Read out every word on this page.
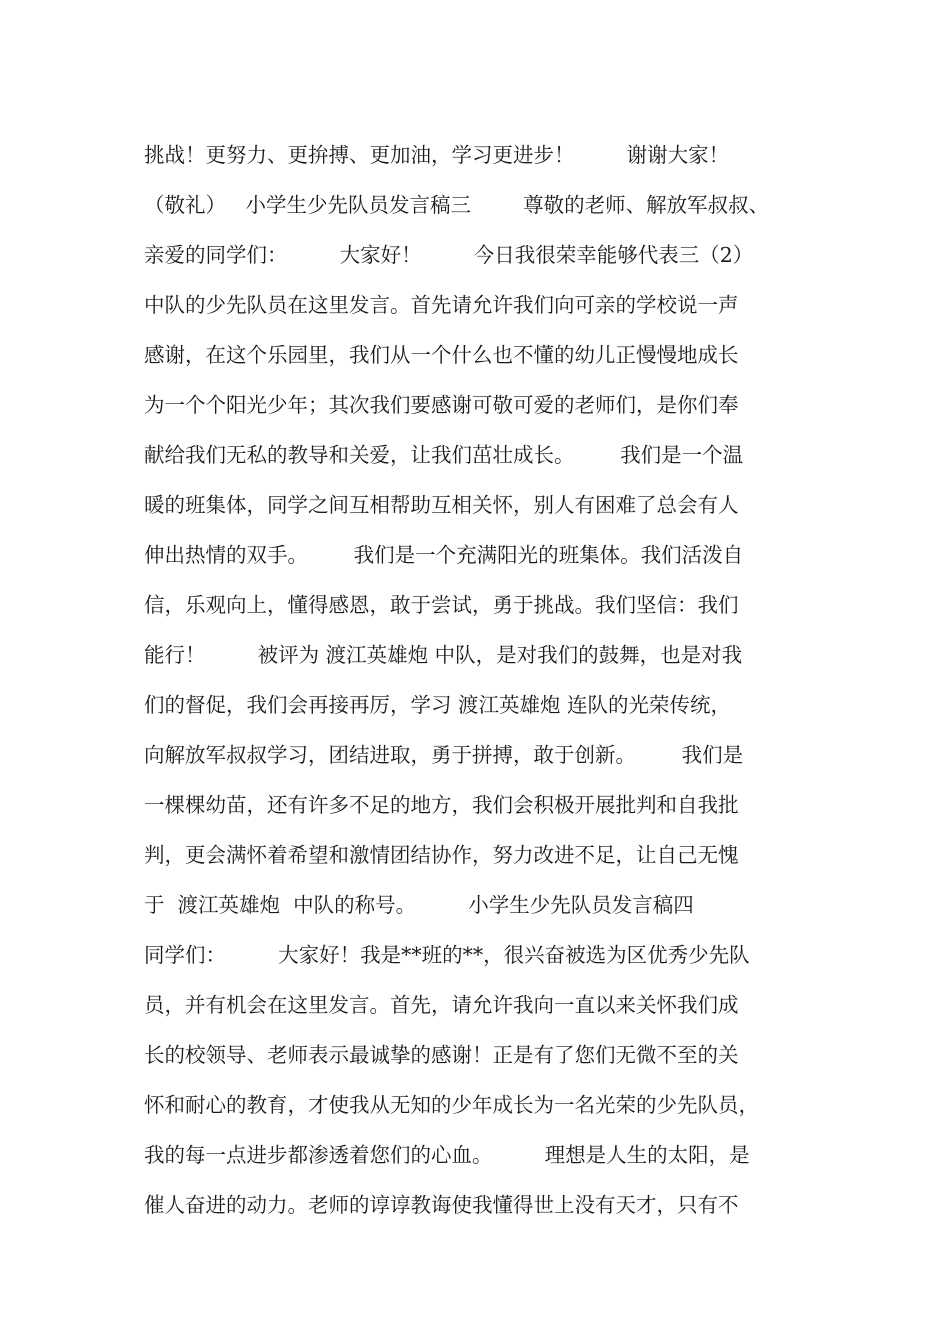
挑战！更努力、更拚搏、更加油，学习更进步！        谢谢大家！
（敬礼）   小学生少先队员发言稿三        尊敬的老师、解放军叔叔、
亲爱的同学们：        大家好！        今日我很荣幸能够代表三（2）
中队的少先队员在这里发言。首先请允许我们向可亲的学校说一声
感谢，在这个乐园里，我们从一个什么也不懂的幼儿正慢慢地成长
为一个个阳光少年；其次我们要感谢可敬可爱的老师们，是你们奉
献给我们无私的教导和关爱，让我们茁壮成长。       我们是一个温
暖的班集体，同学之间互相帮助互相关怀，别人有困难了总会有人
伸出热情的双手。       我们是一个充满阳光的班集体。我们活泼自
信，乐观向上，懂得感恩，敢于尝试，勇于挑战。我们坚信：我们
能行！        被评为 渡江英雄炮 中队，是对我们的鼓舞，也是对我
们的督促，我们会再接再厉，学习 渡江英雄炮 连队的光荣传统，
向解放军叔叔学习，团结进取，勇于拼搏，敢于创新。       我们是
一棵棵幼苗，还有许多不足的地方，我们会积极开展批判和自我批
判，更会满怀着希望和激情团结协作，努力改进不足，让自己无愧
于  渡江英雄炮  中队的称号。        小学生少先队员发言稿四
同学们：        大家好！我是**班的**，很兴奋被选为区优秀少先队
员，并有机会在这里发言。首先，请允许我向一直以来关怀我们成
长的校领导、老师表示最诚挚的感谢！正是有了您们无微不至的关
怀和耐心的教育，才使我从无知的少年成长为一名光荣的少先队员，
我的每一点进步都渗透着您们的心血。        理想是人生的太阳，是
催人奋进的动力。老师的谆谆教诲使我懂得世上没有天才，只有不
